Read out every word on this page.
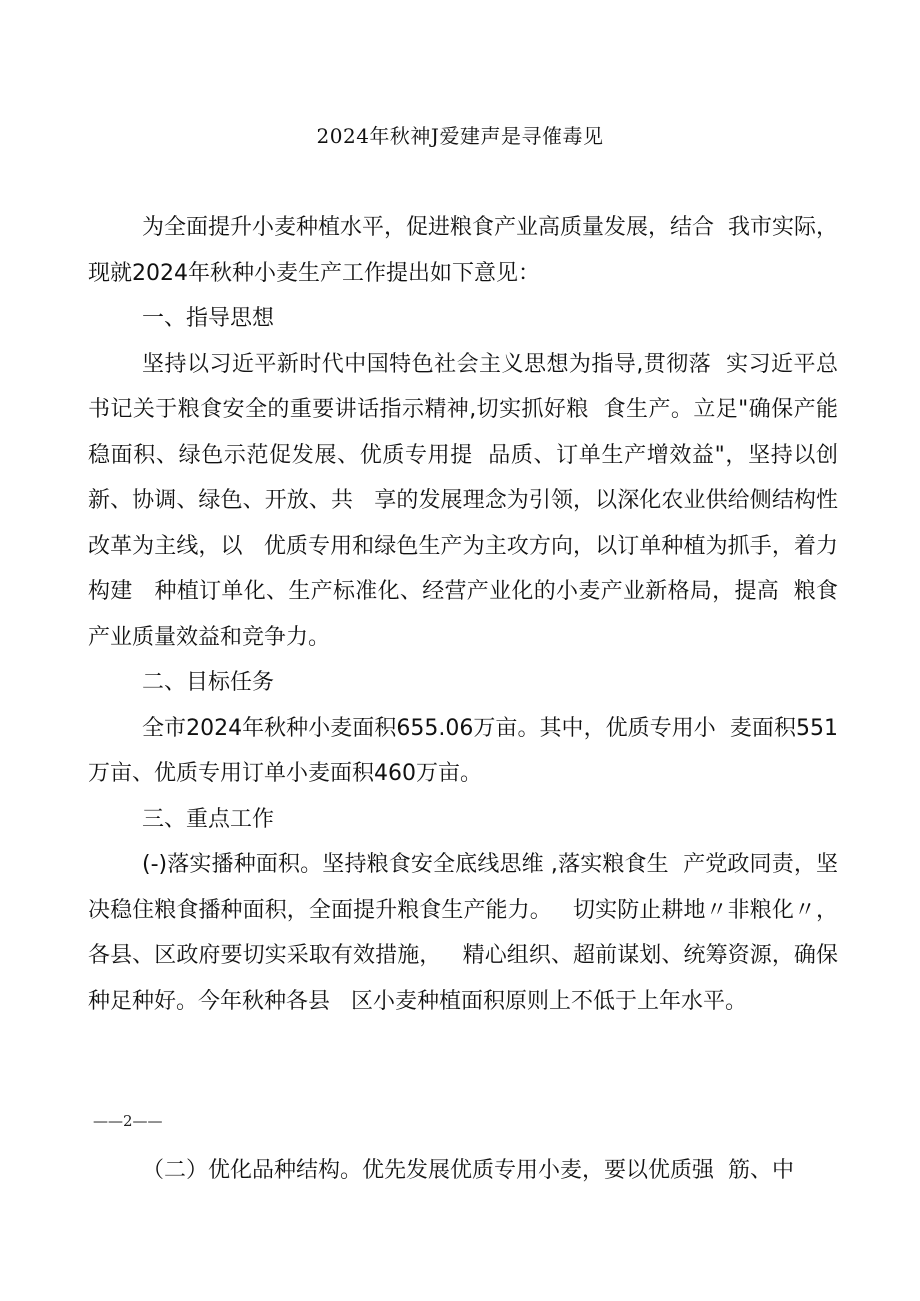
2024年秋神J爱建声是寻傕毒见

为全面提升小麦种植水平，促进粮食产业高质量发展，结合  我市实际，现就2024年秋种小麦生产工作提出如下意见：

一、指导思想

坚持以习近平新时代中国特色社会主义思想为指导,贯彻落  实习近平总书记关于粮食安全的重要讲话指示精神,切实抓好粮  食生产。立足"确保产能稳面积、绿色示范促发展、优质专用提  品质、订单生产增效益"，坚持以创新、协调、绿色、开放、共   享的发展理念为引领，以深化农业供给侧结构性改革为主线，以   优质专用和绿色生产为主攻方向，以订单种植为抓手，着力构建   种植订单化、生产标准化、经营产业化的小麦产业新格局，提高  粮食产业质量效益和竞争力。

二、目标任务

全市2024年秋种小麦面积655.06万亩。其中，优质专用小  麦面积551万亩、优质专用订单小麦面积460万亩。

三、重点工作

(-)落实播种面积。坚持粮食安全底线思维 ,落实粮食生  产党政同责，坚决稳住粮食播种面积，全面提升粮食生产能力。   切实防止耕地〃非粮化〃，各县、区政府要切实采取有效措施，   精心组织、超前谋划、统筹资源，确保种足种好。今年秋种各县   区小麦种植面积原则上不低于上年水平。

——2——

（二）优化品种结构。优先发展优质专用小麦，要以优质强  筋、中
